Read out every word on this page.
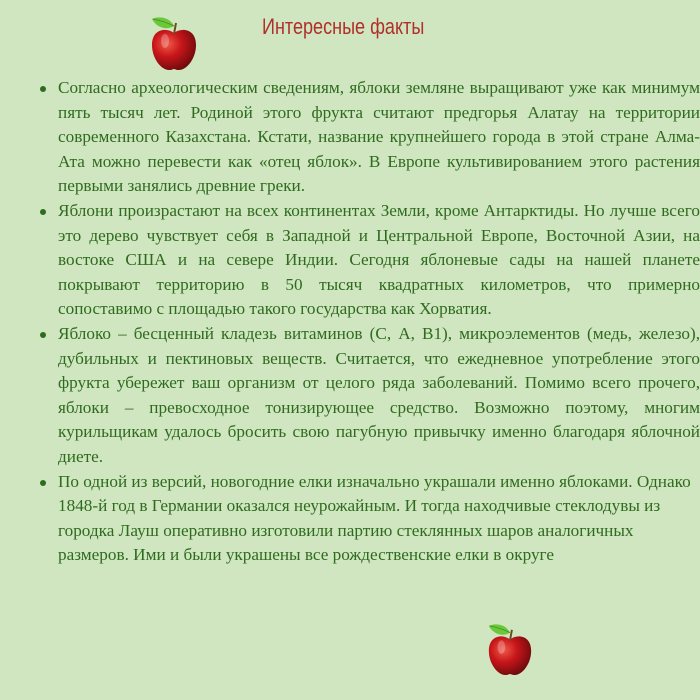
Интересные факты
Согласно археологическим сведениям, яблоки земляне выращивают уже как минимум пять тысяч лет. Родиной этого фрукта считают предгорья Алатау на территории современного Казахстана. Кстати, название крупнейшего города в этой стране Алма-Ата можно перевести как «отец яблок». В Европе культивированием этого растения первыми занялись древние греки.
Яблони произрастают на всех континентах Земли, кроме Антарктиды. Но лучше всего это дерево чувствует себя в Западной и Центральной Европе, Восточной Азии, на востоке США и на севере Индии. Сегодня яблоневые сады на нашей планете покрывают территорию в 50 тысяч квадратных километров, что примерно сопоставимо с площадью такого государства как Хорватия.
Яблоко – бесценный кладезь витаминов (С, А, В1), микроэлементов (медь, железо), дубильных и пектиновых веществ. Считается, что ежедневное употребление этого фрукта убережет ваш организм от целого ряда заболеваний. Помимо всего прочего, яблоки – превосходное тонизирующее средство. Возможно поэтому, многим курильщикам удалось бросить свою пагубную привычку именно благодаря яблочной диете.
По одной из версий, новогодние елки изначально украшали именно яблоками. Однако 1848-й год в Германии оказался неурожайным. И тогда находчивые стеклодувы из городка Лауш оперативно изготовили партию стеклянных шаров аналогичных размеров. Ими и были украшены все рождественские елки в округе
